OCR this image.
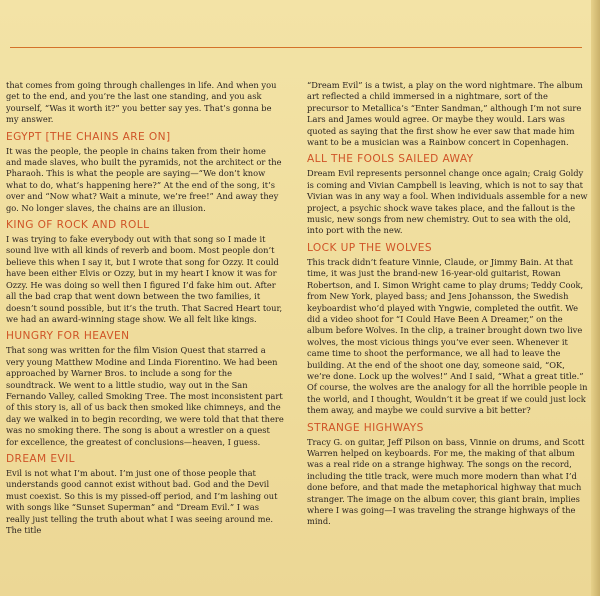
that comes from going through challenges in life. And when you get to the end, and you’re the last one standing, and you ask yourself, “Was it worth it?” you better say yes. That’s gonna be my answer.

EGYPT [THE CHAINS ARE ON]

It was the people, the people in chains taken from their home and made slaves, who built the pyramids, not the architect or the Pharaoh. This is what the people are saying—“We don’t know what to do, what’s happening here?” At the end of the song, it’s over and “Now what? Wait a minute, we’re free!” And away they go. No longer slaves, the chains are an illusion.

KING OF ROCK AND ROLL

I was trying to fake everybody out with that song so I made it sound live with all kinds of reverb and boom. Most people don’t believe this when I say it, but I wrote that song for Ozzy. It could have been either Elvis or Ozzy, but in my heart I know it was for Ozzy. He was doing so well then I figured I’d fake him out. After all the bad crap that went down between the two families, it doesn’t sound possible, but it’s the truth. That Sacred Heart tour, we had an award-winning stage show. We all felt like kings.

HUNGRY FOR HEAVEN

That song was written for the film Vision Quest that starred a very young Matthew Modine and Linda Fiorentino. We had been approached by Warner Bros. to include a song for the soundtrack. We went to a little studio, way out in the San Fernando Valley, called Smoking Tree. The most inconsistent part of this story is, all of us back then smoked like chimneys, and the day we walked in to begin recording, we were told that that there was no smoking there. The song is about a wrestler on a quest for excellence, the greatest of conclusions—heaven, I guess.

DREAM EVIL

Evil is not what I’m about. I’m just one of those people that understands good cannot exist without bad. God and the Devil must coexist. So this is my pissed-off period, and I’m lashing out with songs like “Sunset Superman” and “Dream Evil.” I was really just telling the truth about what I was seeing around me. The title

“Dream Evil” is a twist, a play on the word nightmare. The album art reflected a child immersed in a nightmare, sort of the precursor to Metallica’s “Enter Sandman,” although I’m not sure Lars and James would agree. Or maybe they would. Lars was quoted as saying that the first show he ever saw that made him want to be a musician was a Rainbow concert in Copenhagen.

ALL THE FOOLS SAILED AWAY

Dream Evil represents personnel change once again; Craig Goldy is coming and Vivian Campbell is leaving, which is not to say that Vivian was in any way a fool. When individuals assemble for a new project, a psychic shock wave takes place, and the fallout is the music, new songs from new chemistry. Out to sea with the old, into port with the new.

LOCK UP THE WOLVES

This track didn’t feature Vinnie, Claude, or Jimmy Bain. At that time, it was just the brand-new 16-year-old guitarist, Rowan Robertson, and I. Simon Wright came to play drums; Teddy Cook, from New York, played bass; and Jens Johansson, the Swedish keyboardist who’d played with Yngwie, completed the outfit. We did a video shoot for “I Could Have Been A Dreamer,” on the album before Wolves. In the clip, a trainer brought down two live wolves, the most vicious things you’ve ever seen. Whenever it came time to shoot the performance, we all had to leave the building. At the end of the shoot one day, someone said, “OK, we’re done. Lock up the wolves!” And I said, “What a great title.” Of course, the wolves are the analogy for all the horrible people in the world, and I thought, Wouldn’t it be great if we could just lock them away, and maybe we could survive a bit better?

STRANGE HIGHWAYS

Tracy G. on guitar, Jeff Pilson on bass, Vinnie on drums, and Scott Warren helped on keyboards. For me, the making of that album was a real ride on a strange highway. The songs on the record, including the title track, were much more modern than what I’d done before, and that made the metaphorical highway that much stranger. The image on the album cover, this giant brain, implies where I was going—I was traveling the strange highways of the mind.
